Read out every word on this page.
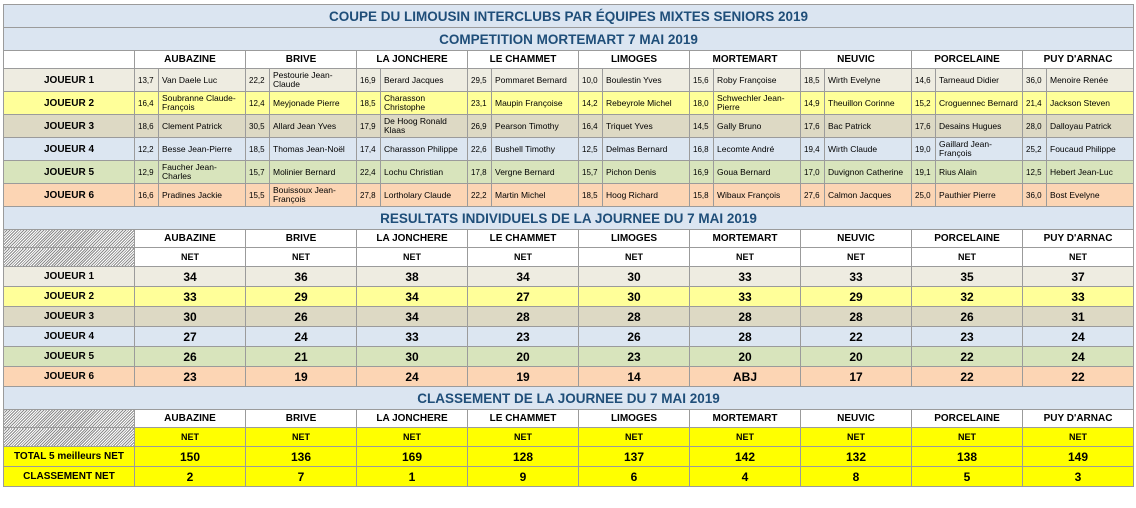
COUPE DU LIMOUSIN INTERCLUBS PAR ÉQUIPES MIXTES SENIORS 2019																		
COMPETITION MORTEMART 7 MAI 2019																		
	AUBAZINE		BRIVE		LA JONCHERE		LE CHAMMET		LIMOGES		MORTEMART		NEUVIC		PORCELAINE		PUY D'ARNAC	
JOUEUR 1	13,7	Van Daele Luc	22,2	Pestourie Jean-Claude	16,9	Berard Jacques	29,5	Pommaret Bernard	10,0	Boulestin Yves	15,6	Roby Françoise	18,5	Wirth Evelyne	14,6	Tarneaud Didier	36,0	Menoire Renée
JOUEUR 2	16,4	Soubranne Claude-François	12,4	Meyjonade Pierre	18,5	Charasson Christophe	23,1	Maupin Françoise	14,2	Rebeyrole Michel	18,0	Schwechler Jean-Pierre	14,9	Theuillon Corinne	15,2	Croguennec Bernard	21,4	Jackson Steven
JOUEUR 3	18,6	Clement Patrick	30,5	Allard Jean Yves	17,9	De Hoog Ronald Klaas	26,9	Pearson Timothy	16,4	Triquet Yves	14,5	Gally Bruno	17,6	Bac Patrick	17,6	Desains Hugues	28,0	Dalloyau Patrick
JOUEUR 4	12,2	Besse Jean-Pierre	18,5	Thomas Jean-Noël	17,4	Charasson Philippe	22,6	Bushell Timothy	12,5	Delmas Bernard	16,8	Lecomte André	19,4	Wirth Claude	19,0	Gaillard Jean-François	25,2	Foucaud Philippe
JOUEUR 5	12,9	Faucher Jean-Charles	15,7	Molinier Bernard	22,4	Lochu Christian	17,8	Vergne Bernard	15,7	Pichon Denis	16,9	Goua Bernard	17,0	Duvignon Catherine	19,1	Rius Alain	12,5	Hebert Jean-Luc
JOUEUR 6	16,6	Pradines Jackie	15,5	Bouissoux Jean-François	27,8	Lortholary Claude	22,2	Martin Michel	18,5	Hoog Richard	15,8	Wibaux François	27,6	Calmon Jacques	25,0	Pauthier Pierre	36,0	Bost Evelyne
RESULTATS INDIVIDUELS DE LA JOURNEE DU 7 MAI 2019																		
	AUBAZINE		BRIVE		LA JONCHERE		LE CHAMMET		LIMOGES		MORTEMART		NEUVIC		PORCELAINE		PUY D'ARNAC	
	NET		NET		NET		NET		NET		NET		NET		NET		NET	
JOUEUR 1	34		36		38		34		30		33		33		35		37	
JOUEUR 2	33		29		34		27		30		33		29		32		33	
JOUEUR 3	30		26		34		28		28		28		28		26		31	
JOUEUR 4	27		24		33		23		26		28		22		23		24	
JOUEUR 5	26		21		30		20		23		20		20		22		24	
JOUEUR 6	23		19		24		19		14		ABJ		17		22		22	
CLASSEMENT DE LA JOURNEE DU 7 MAI 2019																		
	AUBAZINE		BRIVE		LA JONCHERE		LE CHAMMET		LIMOGES		MORTEMART		NEUVIC		PORCELAINE		PUY D'ARNAC	
	NET		NET		NET		NET		NET		NET		NET		NET		NET	
TOTAL 5 meilleurs NET	150		136		169		128		137		142		132		138		149	
CLASSEMENT NET	2		7		1		9		6		4		8		5		3	
